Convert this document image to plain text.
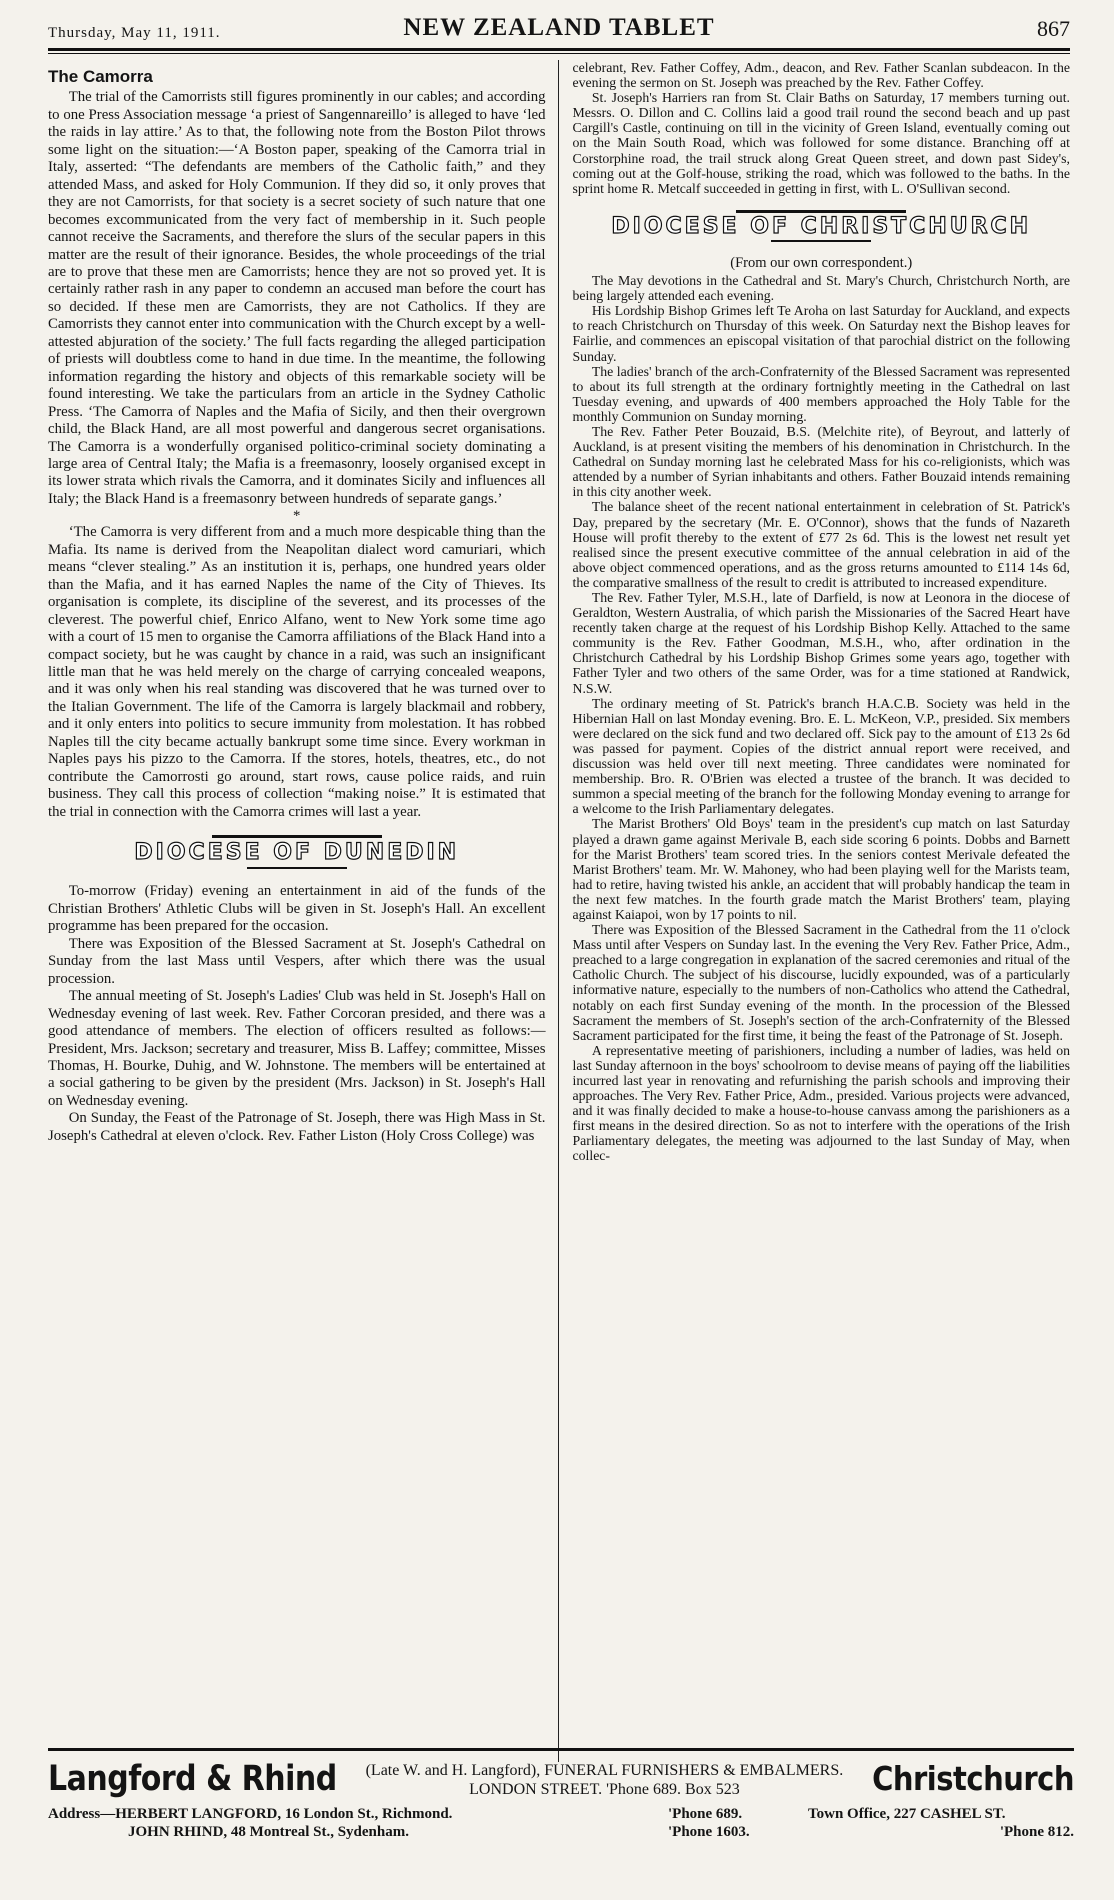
Thursday, May 11, 1911.	NEW ZEALAND TABLET	867
The Camorra

The trial of the Camorrists still figures prominently in our cables; and according to one Press Association message ‘a priest of Sangennareillo’ is alleged to have ‘led the raids in lay attire.’ As to that, the following note from the Boston Pilot throws some light on the situation:—‘A Boston paper, speaking of the Camorra trial in Italy, asserted: “The defendants are members of the Catholic faith,” and they attended Mass, and asked for Holy Communion. If they did so, it only proves that they are not Camorrists, for that society is a secret society of such nature that one becomes excommunicated from the very fact of membership in it. Such people cannot receive the Sacraments, and therefore the slurs of the secular papers in this matter are the result of their ignorance. Besides, the whole proceedings of the trial are to prove that these men are Camorrists; hence they are not so proved yet. It is certainly rather rash in any paper to condemn an accused man before the court has so decided. If these men are Camorrists, they are not Catholics. If they are Camorrists they cannot enter into communication with the Church except by a well-attested abjuration of the society.’ The full facts regarding the alleged participation of priests will doubtless come to hand in due time. In the meantime, the following information regarding the history and objects of this remarkable society will be found interesting. We take the particulars from an article in the Sydney Catholic Press. ‘The Camorra of Naples and the Mafia of Sicily, and then their overgrown child, the Black Hand, are all most powerful and dangerous secret organisations. The Camorra is a wonderfully organised politico-criminal society dominating a large area of Central Italy; the Mafia is a freemasonry, loosely organised except in its lower strata which rivals the Camorra, and it dominates Sicily and influences all Italy; the Black Hand is a freemasonry between hundreds of separate gangs.’

*

‘The Camorra is very different from and a much more despicable thing than the Mafia. Its name is derived from the Neapolitan dialect word camuriari, which means “clever stealing.” As an institution it is, perhaps, one hundred years older than the Mafia, and it has earned Naples the name of the City of Thieves. Its organisation is complete, its discipline of the severest, and its processes of the cleverest. The powerful chief, Enrico Alfano, went to New York some time ago with a court of 15 men to organise the Camorra affiliations of the Black Hand into a compact society, but he was caught by chance in a raid, was such an insignificant little man that he was held merely on the charge of carrying concealed weapons, and it was only when his real standing was discovered that he was turned over to the Italian Government. The life of the Camorra is largely blackmail and robbery, and it only enters into politics to secure immunity from molestation. It has robbed Naples till the city became actually bankrupt some time since. Every workman in Naples pays his pizzo to the Camorra. If the stores, hotels, theatres, etc., do not contribute the Camorrosti go around, start rows, cause police raids, and ruin business. They call this process of collection “making noise.” It is estimated that the trial in connection with the Camorra crimes will last a year.

DIOCESE OF DUNEDIN

To-morrow (Friday) evening an entertainment in aid of the funds of the Christian Brothers' Athletic Clubs will be given in St. Joseph's Hall. An excellent programme has been prepared for the occasion.

There was Exposition of the Blessed Sacrament at St. Joseph's Cathedral on Sunday from the last Mass until Vespers, after which there was the usual procession.

The annual meeting of St. Joseph's Ladies' Club was held in St. Joseph's Hall on Wednesday evening of last week. Rev. Father Corcoran presided, and there was a good attendance of members. The election of officers resulted as follows:—President, Mrs. Jackson; secretary and treasurer, Miss B. Laffey; committee, Misses Thomas, H. Bourke, Duhig, and W. Johnstone. The members will be entertained at a social gathering to be given by the president (Mrs. Jackson) in St. Joseph's Hall on Wednesday evening.

On Sunday, the Feast of the Patronage of St. Joseph, there was High Mass in St. Joseph's Cathedral at eleven o'clock. Rev. Father Liston (Holy Cross College) was

celebrant, Rev. Father Coffey, Adm., deacon, and Rev. Father Scanlan subdeacon. In the evening the sermon on St. Joseph was preached by the Rev. Father Coffey.

St. Joseph's Harriers ran from St. Clair Baths on Saturday, 17 members turning out. Messrs. O. Dillon and C. Collins laid a good trail round the second beach and up past Cargill's Castle, continuing on till in the vicinity of Green Island, eventually coming out on the Main South Road, which was followed for some distance. Branching off at Corstorphine road, the trail struck along Great Queen street, and down past Sidey's, coming out at the Golf-house, striking the road, which was followed to the baths. In the sprint home R. Metcalf succeeded in getting in first, with L. O'Sullivan second.

DIOCESE OF CHRISTCHURCH
(From our own correspondent.)

The May devotions in the Cathedral and St. Mary's Church, Christchurch North, are being largely attended each evening.

His Lordship Bishop Grimes left Te Aroha on last Saturday for Auckland, and expects to reach Christchurch on Thursday of this week. On Saturday next the Bishop leaves for Fairlie, and commences an episcopal visitation of that parochial district on the following Sunday.

The ladies' branch of the arch-Confraternity of the Blessed Sacrament was represented to about its full strength at the ordinary fortnightly meeting in the Cathedral on last Tuesday evening, and upwards of 400 members approached the Holy Table for the monthly Communion on Sunday morning.

The Rev. Father Peter Bouzaid, B.S. (Melchite rite), of Beyrout, and latterly of Auckland, is at present visiting the members of his denomination in Christchurch. In the Cathedral on Sunday morning last he celebrated Mass for his co-religionists, which was attended by a number of Syrian inhabitants and others. Father Bouzaid intends remaining in this city another week.

The balance sheet of the recent national entertainment in celebration of St. Patrick's Day, prepared by the secretary (Mr. E. O'Connor), shows that the funds of Nazareth House will profit thereby to the extent of £77 2s 6d. This is the lowest net result yet realised since the present executive committee of the annual celebration in aid of the above object commenced operations, and as the gross returns amounted to £114 14s 6d, the comparative smallness of the result to credit is attributed to increased expenditure.

The Rev. Father Tyler, M.S.H., late of Darfield, is now at Leonora in the diocese of Geraldton, Western Australia, of which parish the Missionaries of the Sacred Heart have recently taken charge at the request of his Lordship Bishop Kelly. Attached to the same community is the Rev. Father Goodman, M.S.H., who, after ordination in the Christchurch Cathedral by his Lordship Bishop Grimes some years ago, together with Father Tyler and two others of the same Order, was for a time stationed at Randwick, N.S.W.

The ordinary meeting of St. Patrick's branch H.A.C.B. Society was held in the Hibernian Hall on last Monday evening. Bro. E. L. McKeon, V.P., presided. Six members were declared on the sick fund and two declared off. Sick pay to the amount of £13 2s 6d was passed for payment. Copies of the district annual report were received, and discussion was held over till next meeting. Three candidates were nominated for membership. Bro. R. O'Brien was elected a trustee of the branch. It was decided to summon a special meeting of the branch for the following Monday evening to arrange for a welcome to the Irish Parliamentary delegates.

The Marist Brothers' Old Boys' team in the president's cup match on last Saturday played a drawn game against Merivale B, each side scoring 6 points. Dobbs and Barnett for the Marist Brothers' team scored tries. In the seniors contest Merivale defeated the Marist Brothers' team. Mr. W. Mahoney, who had been playing well for the Marists team, had to retire, having twisted his ankle, an accident that will probably handicap the team in the next few matches. In the fourth grade match the Marist Brothers' team, playing against Kaiapoi, won by 17 points to nil.

There was Exposition of the Blessed Sacrament in the Cathedral from the 11 o'clock Mass until after Vespers on Sunday last. In the evening the Very Rev. Father Price, Adm., preached to a large congregation in explanation of the sacred ceremonies and ritual of the Catholic Church. The subject of his discourse, lucidly expounded, was of a particularly informative nature, especially to the numbers of non-Catholics who attend the Cathedral, notably on each first Sunday evening of the month. In the procession of the Blessed Sacrament the members of St. Joseph's section of the arch-Confraternity of the Blessed Sacrament participated for the first time, it being the feast of the Patronage of St. Joseph.

A representative meeting of parishioners, including a number of ladies, was held on last Sunday afternoon in the boys' schoolroom to devise means of paying off the liabilities incurred last year in renovating and refurnishing the parish schools and improving their approaches. The Very Rev. Father Price, Adm., presided. Various projects were advanced, and it was finally decided to make a house-to-house canvass among the parishioners as a first means in the desired direction. So as not to interfere with the operations of the Irish Parliamentary delegates, the meeting was adjourned to the last Sunday of May, when collec-

Langford & Rhind	(Late W. and H. Langford), FUNERAL FURNISHERS & EMBALMERS.
LONDON STREET. 'Phone 689. Box 523	Christchurch
Address—HERBERT LANGFORD, 16 London St., Richmond.	'Phone 689.	Town Office, 227 CASHEL ST.
JOHN RHIND, 48 Montreal St., Sydenham.	'Phone 1603.	'Phone 812.
